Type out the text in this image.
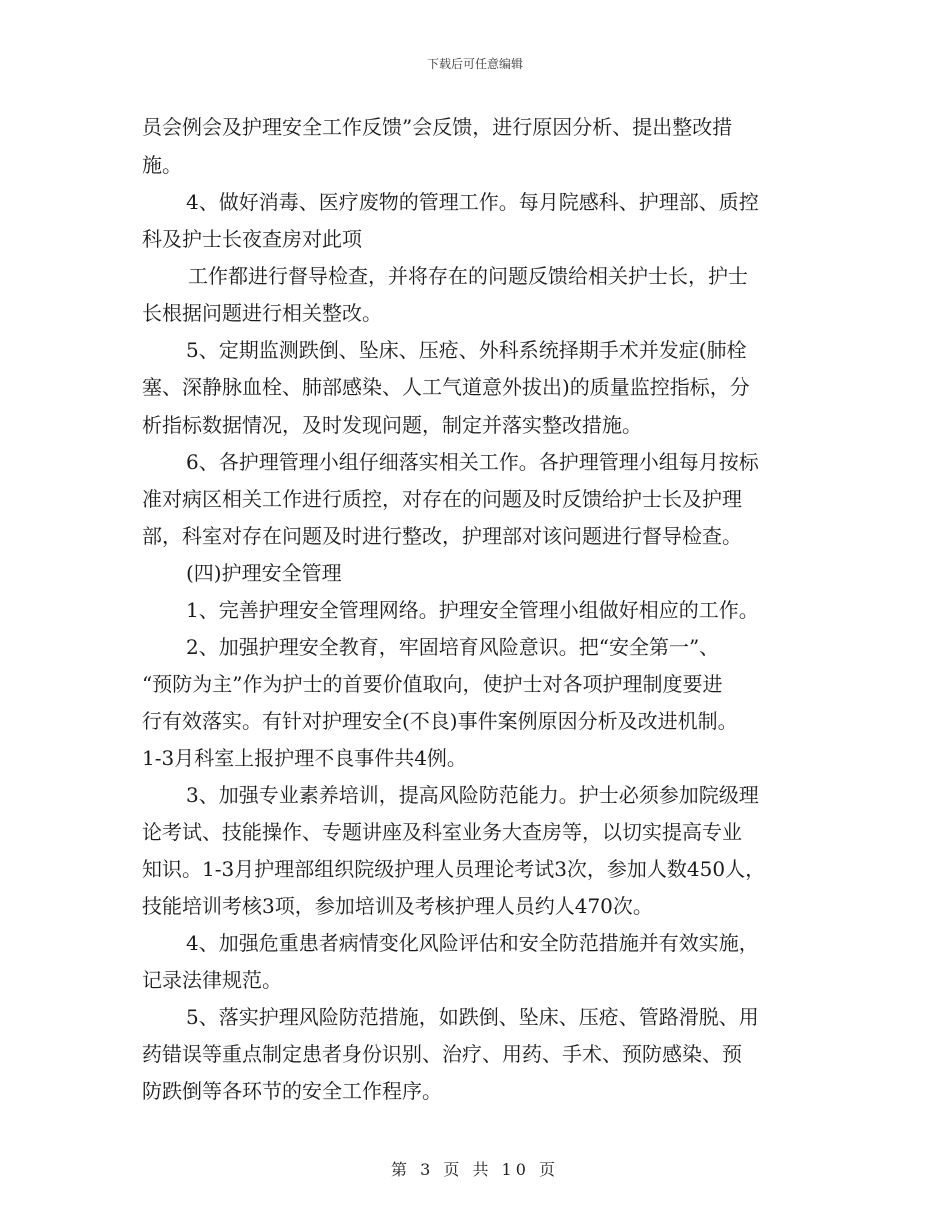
下载后可任意编辑
员会例会及护理安全工作反馈”会反馈，进行原因分析、提出整改措
施。
4、做好消毒、医疗废物的管理工作。每月院感科、护理部、质控
科及护士长夜查房对此项
工作都进行督导检查，并将存在的问题反馈给相关护士长，护士
长根据问题进行相关整改。
5、定期监测跌倒、坠床、压疮、外科系统择期手术并发症(肺栓
塞、深静脉血栓、肺部感染、人工气道意外拔出)的质量监控指标，分
析指标数据情况，及时发现问题，制定并落实整改措施。
6、各护理管理小组仔细落实相关工作。各护理管理小组每月按标
准对病区相关工作进行质控，对存在的问题及时反馈给护士长及护理
部，科室对存在问题及时进行整改，护理部对该问题进行督导检查。
(四)护理安全管理
1、完善护理安全管理网络。护理安全管理小组做好相应的工作。
2、加强护理安全教育，牢固培育风险意识。把“安全第一”、
“预防为主”作为护士的首要价值取向，使护士对各项护理制度要进
行有效落实。有针对护理安全(不良)事件案例原因分析及改进机制。
1-3月科室上报护理不良事件共4例。
3、加强专业素养培训，提高风险防范能力。护士必须参加院级理
论考试、技能操作、专题讲座及科室业务大查房等，以切实提高专业
知识。1-3月护理部组织院级护理人员理论考试3次，参加人数450人，
技能培训考核3项，参加培训及考核护理人员约人470次。
4、加强危重患者病情变化风险评估和安全防范措施并有效实施，
记录法律规范。
5、落实护理风险防范措施，如跌倒、坠床、压疮、管路滑脱、用
药错误等重点制定患者身份识别、治疗、用药、手术、预防感染、预
防跌倒等各环节的安全工作程序。
第 3 页 共 10 页
